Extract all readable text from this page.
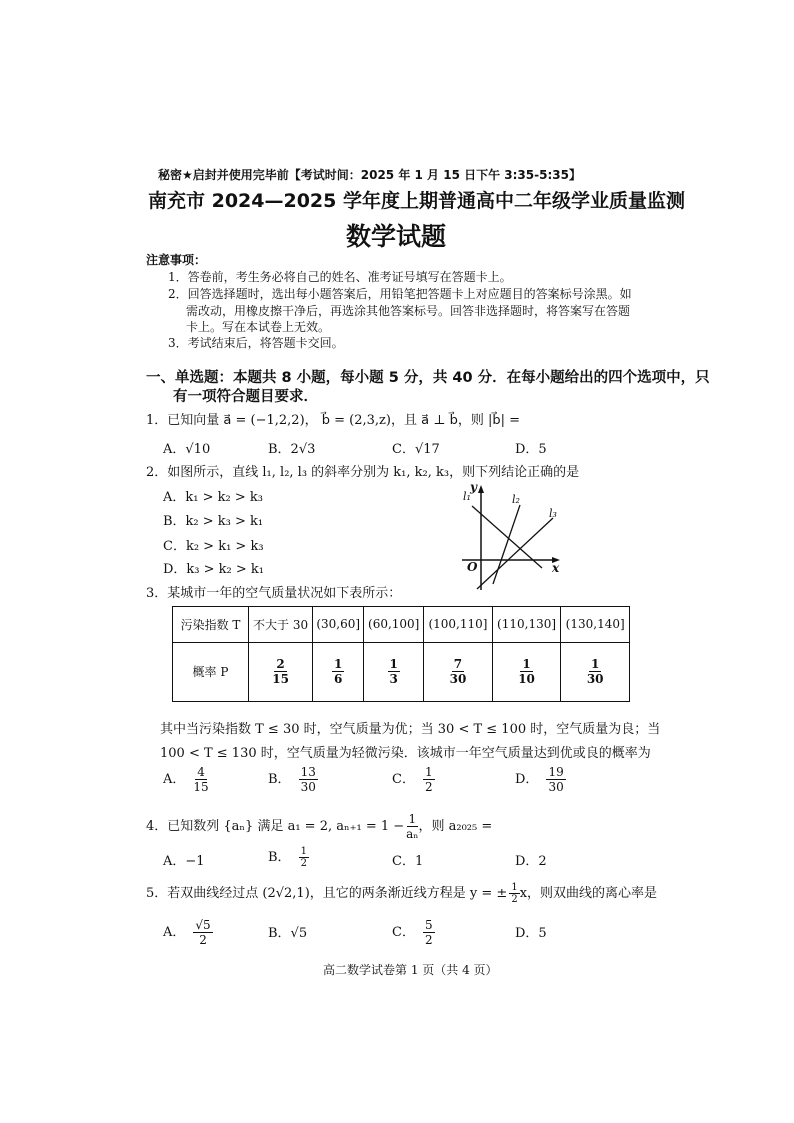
秘密★启封并使用完毕前【考试时间：2025 年 1 月 15 日下午 3:35-5:35】
南充市 2024—2025 学年度上期普通高中二年级学业质量监测
数学试题
注意事项：
1．答卷前，考生务必将自己的姓名、准考证号填写在答题卡上。
2．回答选择题时，选出每小题答案后，用铅笔把答题卡上对应题目的答案标号涂黑。如
需改动，用橡皮擦干净后，再选涂其他答案标号。回答非选择题时，将答案写在答题
卡上。写在本试卷上无效。
3．考试结束后，将答题卡交回。
一、单选题：本题共 8 小题，每小题 5 分，共 40 分．在每小题给出的四个选项中，只
有一项符合题目要求．
1．已知向量 a⃗ = (−1,2,2)， b⃗ = (2,3,z)，且 a⃗ ⊥ b⃗，则 |b⃗| =
A．√10	B．2√3	C．√17	D．5
2．如图所示，直线 l₁, l₂, l₃ 的斜率分别为 k₁, k₂, k₃，则下列结论正确的是
A．k₁ > k₂ > k₃
B．k₂ > k₃ > k₁
C．k₂ > k₁ > k₃
D．k₃ > k₂ > k₁
l₁	l₂
l₃
y
x
O
3．某城市一年的空气质量状况如下表所示：
污染指数 T	不大于 30	(30,60]	(60,100]	(100,110]	(110,130]	(130,140]
概率 P	$\frac{2}{15}$	$\frac{1}{6}$	$\frac{1}{3}$	$\frac{7}{30}$	$\frac{1}{10}$	$\frac{1}{30}$
其中当污染指数 T ≤ 30 时，空气质量为优；当 30 < T ≤ 100 时，空气质量为良；当
100 < T ≤ 130 时，空气质量为轻微污染．该城市一年空气质量达到优或良的概率为
A． $\frac{4}{15}$	B． $\frac{13}{30}$	C． $\frac{1}{2}$	D． $\frac{19}{30}$
4．已知数列 {aₙ} 满足 a₁ = 2, $a_{n+1} = 1 - \frac{1}{\text{aₙ}}$ ，则 a₂₀₂₅ =
A．−1	B． $\frac{1}{2}$	C．1	D．2
5．若双曲线经过点 (2√2,1)，且它的两条渐近线方程是 y = ± $\frac{1}{2}$ x，则双曲线的离心率是
A． $\frac{√5}{2}$	B．√5	C． $\frac{5}{2}$	D．5
高二数学试卷第 1 页（共 4 页）
